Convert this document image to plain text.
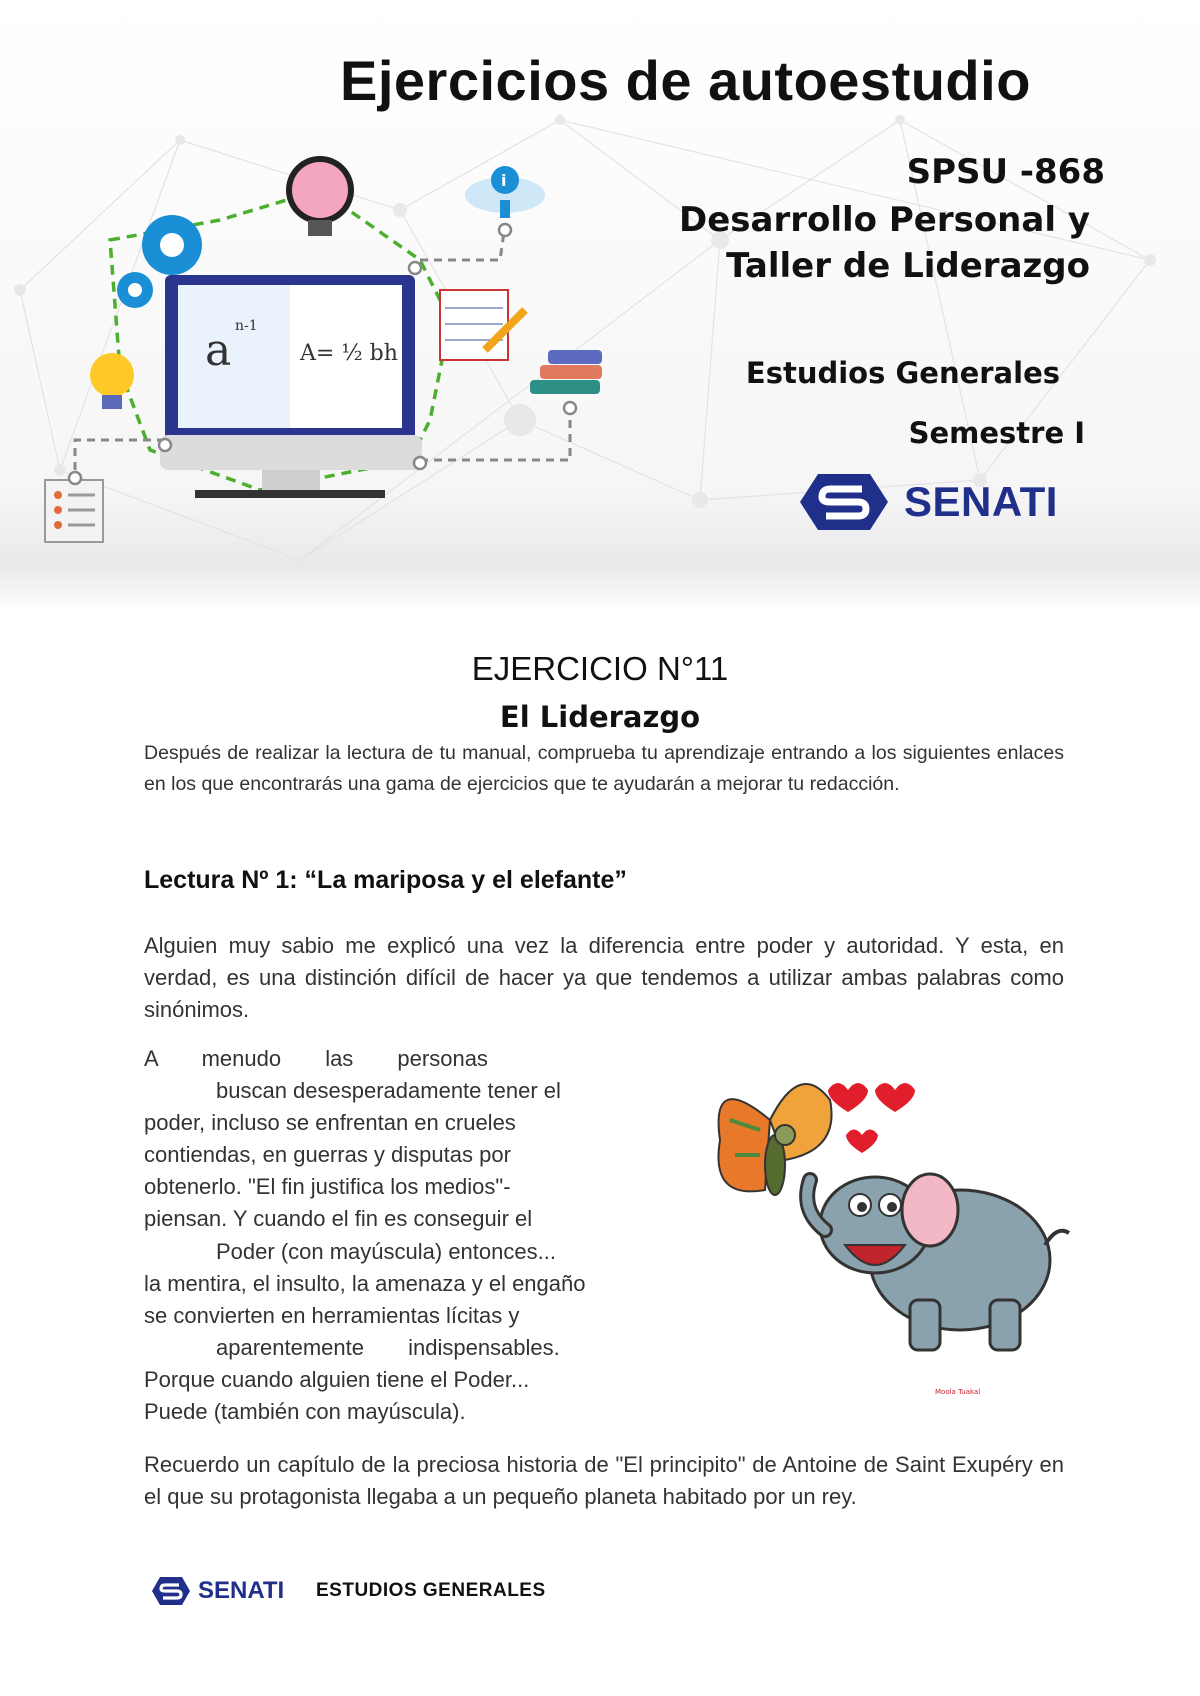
Ejercicios de autoestudio
i
a n-1
A= ½ bh
SPSU -868
Desarrollo Personal y
Taller de Liderazgo
Estudios Generales
Semestre I
SENATI
EJERCICIO N°11
El Liderazgo
Después de realizar la lectura de tu manual, comprueba tu aprendizaje entrando a los siguientes enlaces en los que encontrarás una gama de ejercicios que te ayudarán a mejorar tu redacción.
Lectura Nº 1: “La mariposa y el elefante”
Alguien muy sabio me explicó una vez la diferencia entre poder y autoridad. Y esta, en verdad, es una distinción difícil de hacer ya que tendemos a utilizar ambas palabras como sinónimos.
A menudo las personas
buscan desesperadamente tener el
poder, incluso se enfrentan en crueles
contiendas, en guerras y disputas por
obtenerlo. "El fin justifica los medios"-
piensan. Y cuando el fin es conseguir el
Poder (con mayúscula) entonces...
la mentira, el insulto, la amenaza y el engaño
se convierten en herramientas lícitas y
aparentemente indispensables.
Porque cuando alguien tiene el Poder...
Puede (también con mayúscula).
Moola Tuakal
Recuerdo un capítulo de la preciosa historia de "El principito" de Antoine de Saint Exupéry en el que su protagonista llegaba a un pequeño planeta habitado por un rey.
SENATI ESTUDIOS GENERALES
